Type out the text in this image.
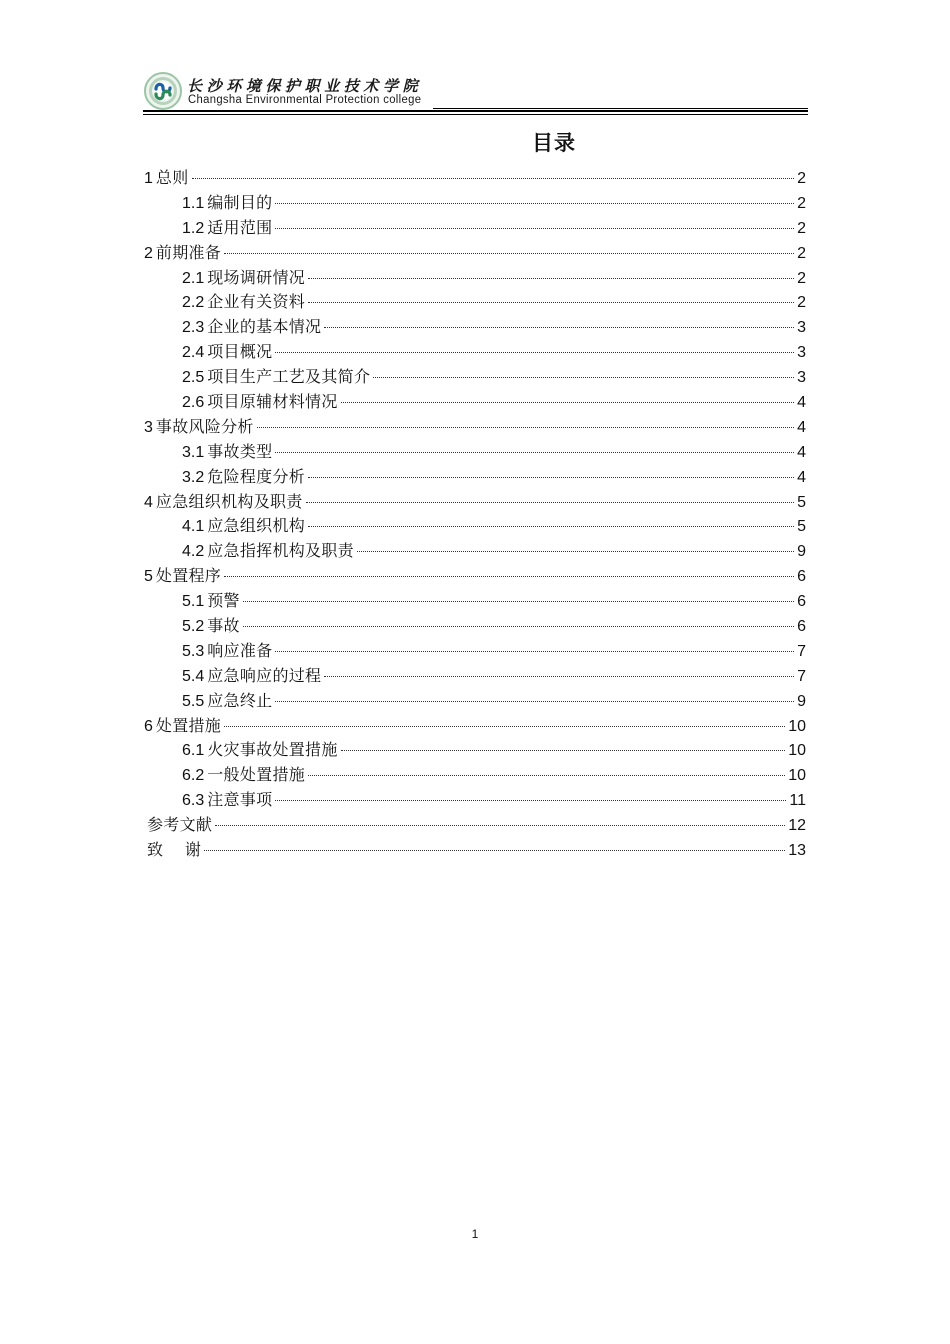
长沙环境保护职业技术学院
Changsha Environmental Protection college
目录
1 总则	2
1.1 编制目的	2
1.2 适用范围	2
2 前期准备	2
2.1 现场调研情况	2
2.2 企业有关资料	2
2.3 企业的基本情况	3
2.4 项目概况	3
2.5 项目生产工艺及其简介	3
2.6 项目原辅材料情况	4
3 事故风险分析	4
3.1 事故类型	4
3.2 危险程度分析	4
4 应急组织机构及职责	5
4.1 应急组织机构	5
4.2 应急指挥机构及职责	9
5 处置程序	6
5.1 预警	6
5.2 事故	6
5.3 响应准备	7
5.4 应急响应的过程	7
5.5 应急终止	9
6 处置措施	10
6.1 火灾事故处置措施	10
6.2 一般处置措施	10
6.3 注意事项	11
参考文献	12
致    谢	13
1
